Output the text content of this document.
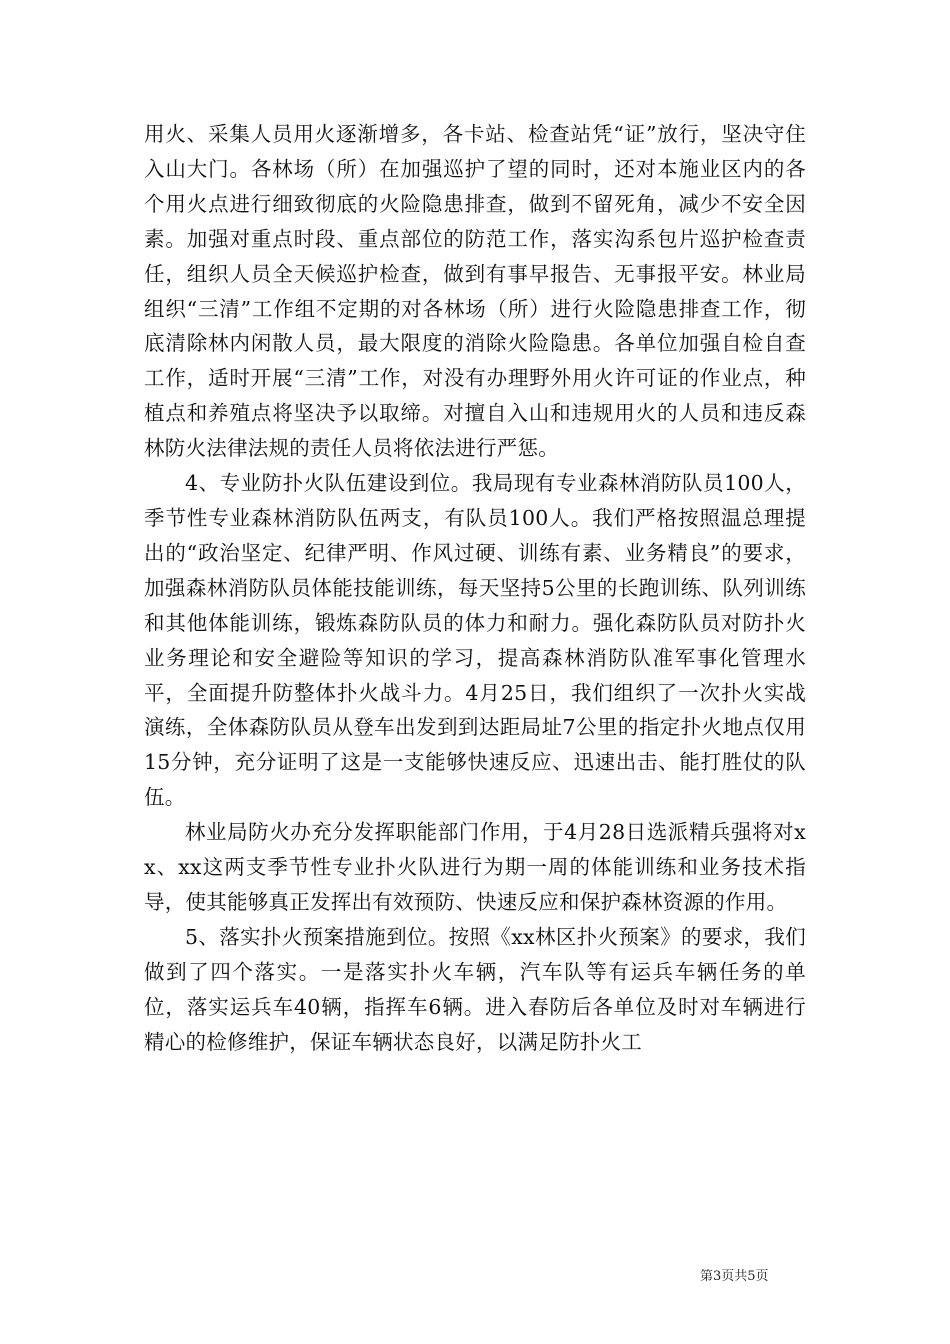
用火、采集人员用火逐渐增多，各卡站、检查站凭“证”放行，坚决守住入山大门。各林场（所）在加强巡护了望的同时，还对本施业区内的各个用火点进行细致彻底的火险隐患排查，做到不留死角，减少不安全因素。加强对重点时段、重点部位的防范工作，落实沟系包片巡护检查责任，组织人员全天候巡护检查，做到有事早报告、无事报平安。林业局组织“三清”工作组不定期的对各林场（所）进行火险隐患排查工作，彻底清除林内闲散人员，最大限度的消除火险隐患。各单位加强自检自查工作，适时开展“三清”工作，对没有办理野外用火许可证的作业点，种植点和养殖点将坚决予以取缔。对擅自入山和违规用火的人员和违反森林防火法律法规的责任人员将依法进行严惩。

4、专业防扑火队伍建设到位。我局现有专业森林消防队员100人，季节性专业森林消防队伍两支，有队员100人。我们严格按照温总理提出的“政治坚定、纪律严明、作风过硬、训练有素、业务精良”的要求，加强森林消防队员体能技能训练，每天坚持5公里的长跑训练、队列训练和其他体能训练，锻炼森防队员的体力和耐力。强化森防队员对防扑火业务理论和安全避险等知识的学习，提高森林消防队准军事化管理水平，全面提升防整体扑火战斗力。4月25日，我们组织了一次扑火实战演练，全体森防队员从登车出发到到达距局址7公里的指定扑火地点仅用15分钟，充分证明了这是一支能够快速反应、迅速出击、能打胜仗的队伍。

林业局防火办充分发挥职能部门作用，于4月28日选派精兵强将对xx、xx这两支季节性专业扑火队进行为期一周的体能训练和业务技术指导，使其能够真正发挥出有效预防、快速反应和保护森林资源的作用。

5、落实扑火预案措施到位。按照《xx林区扑火预案》的要求，我们做到了四个落实。一是落实扑火车辆，汽车队等有运兵车辆任务的单位，落实运兵车40辆，指挥车6辆。进入春防后各单位及时对车辆进行精心的检修维护，保证车辆状态良好，以满足防扑火工

第3页共5页
